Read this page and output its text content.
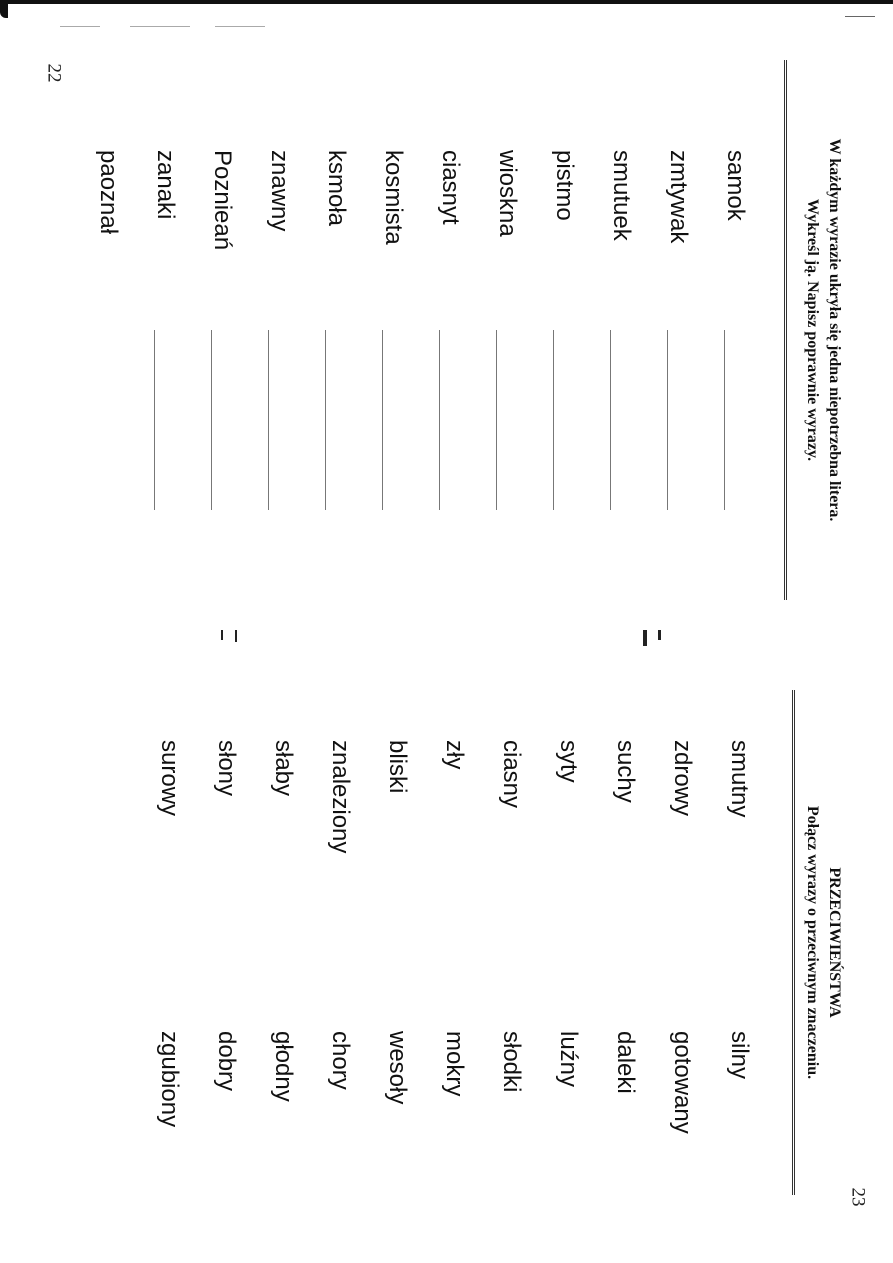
22
23
W każdym wyrazie ukryła się jedna niepotrzebna litera.
Wykreśl ją. Napisz poprawnie wyrazy.
samok
zmtywak
smutuek
pistmo
wioskna
ciasnyt
kosmista
ksmoła
znawny
Poznieań
zanaki
paoznał
PRZECIWIEŃSTWA
Połącz wyrazy o przeciwnym znaczeniu.
smutny
zdrowy
suchy
syty
ciasny
zły
bliski
znaleziony
słaby
słony
surowy
silny
gotowany
daleki
luźny
słodki
mokry
wesoły
chory
głodny
dobry
zgubiony
